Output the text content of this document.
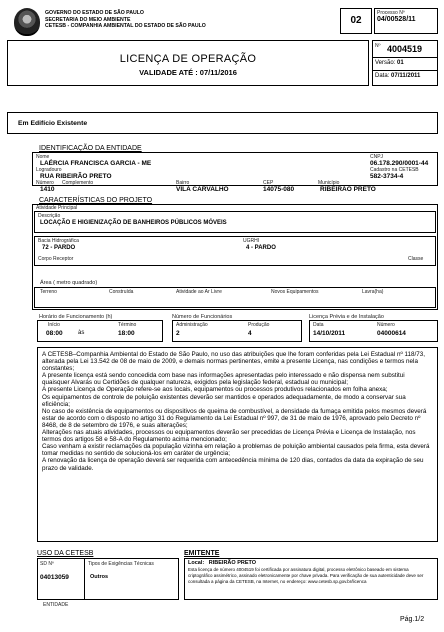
GOVERNO DO ESTADO DE SÃO PAULO
SECRETARIA DO MEIO AMBIENTE
CETESB - COMPANHIA AMBIENTAL DO ESTADO DE SÃO PAULO	02
Processo Nº
04/00528/11
LICENÇA DE OPERAÇÃO
VALIDADE ATÉ : 07/11/2016
Nº 4004519
Versão: 01
Data: 07/11/2011
Em Edifício Existente
IDENTIFICAÇÃO DA ENTIDADE
Nome
LAÉRCIA FRANCISCA GARCIA - ME
CNPJ
06.178.290/0001-44
Logradouro
RUA RIBEIRÃO PRETO
Cadastro na CETESB
582-3734-4
Número Complemento	Bairro	CEP	Município
1410	VILA CARVALHO	14075-080	RIBEIRÃO PRETO
CARACTERÍSTICAS DO PROJETO
Atividade Principal
Descrição
LOCAÇÃO E HIGIENIZAÇÃO DE BANHEIROS PÚBLICOS MÓVEIS
Bacia Hidrográfica
72 - PARDO
UGRHI
4 - PARDO
Corpo Receptor	Classe
Área ( metro quadrado)
Terreno	Construída	Atividade ao Ar Livre	Novos Equipamentos	Lavra(ha)
Horário de Funcionamento (h)
Início
08:00	às
Término
18:00
Número de Funcionários
Administração
2
Produção
4
Licença Prévia e de Instalação
Data
14/10/2011
Número
04000614
A CETESB–Companhia Ambiental do Estado de São Paulo, no uso das atribuições que lhe foram conferidas pela Lei Estadual nº 118/73, alterada pela Lei 13.542 de 08 de maio de 2009, e demais normas pertinentes, emite a presente Licença, nas condições e termos nela constantes;
A presente licença está sendo concedida com base nas informações apresentadas pelo interessado e não dispensa nem substitui quaisquer Alvarás ou Certidões de qualquer natureza, exigidos pela legislação federal, estadual ou municipal;
A presente Licença de Operação refere-se aos locais, equipamentos ou processos produtivos relacionados em folha anexa;
Os equipamentos de controle de poluição existentes deverão ser mantidos e operados adequadamente, de modo a conservar sua eficiência;
No caso de existência de equipamentos ou dispositivos de queima de combustível, a densidade da fumaça emitida pelos mesmos deverá estar de acordo com o disposto no artigo 31 do Regulamento da Lei Estadual nº 997, de 31 de maio de 1976, aprovado pelo Decreto nº 8468, de 8 de setembro de 1976, e suas alterações;
Alterações nas atuais atividades, processos ou equipamentos deverão ser precedidas de Licença Prévia e Licença de Instalação, nos termos dos artigos 58 e 58-A do Regulamento acima mencionado;
Caso venham a existir reclamações da população vizinha em relação a problemas de poluição ambiental causados pela firma, esta deverá tomar medidas no sentido de solucioná-los em caráter de urgência;
A renovação da licença de operação deverá ser requerida com antecedência mínima de 120 dias, contados da data da expiração de seu prazo de validade.
USO DA CETESB
SD Nº
04013059
Tipos de Exigências Técnicas
Outros
ENTIDADE
EMITENTE
Local: RIBEIRÃO PRETO
Esta licença de número 4004519 foi certificada por assinatura digital, processo eletrônico baseado em sistema criptográfico assimétrico, assinado eletronicamente por chave privada. Para verificação de sua autenticidade deve ser consultada a página da CETESB, na Internet, no endereço: www.cetesb.sp.gov.br/licenca
Pág.1/2
